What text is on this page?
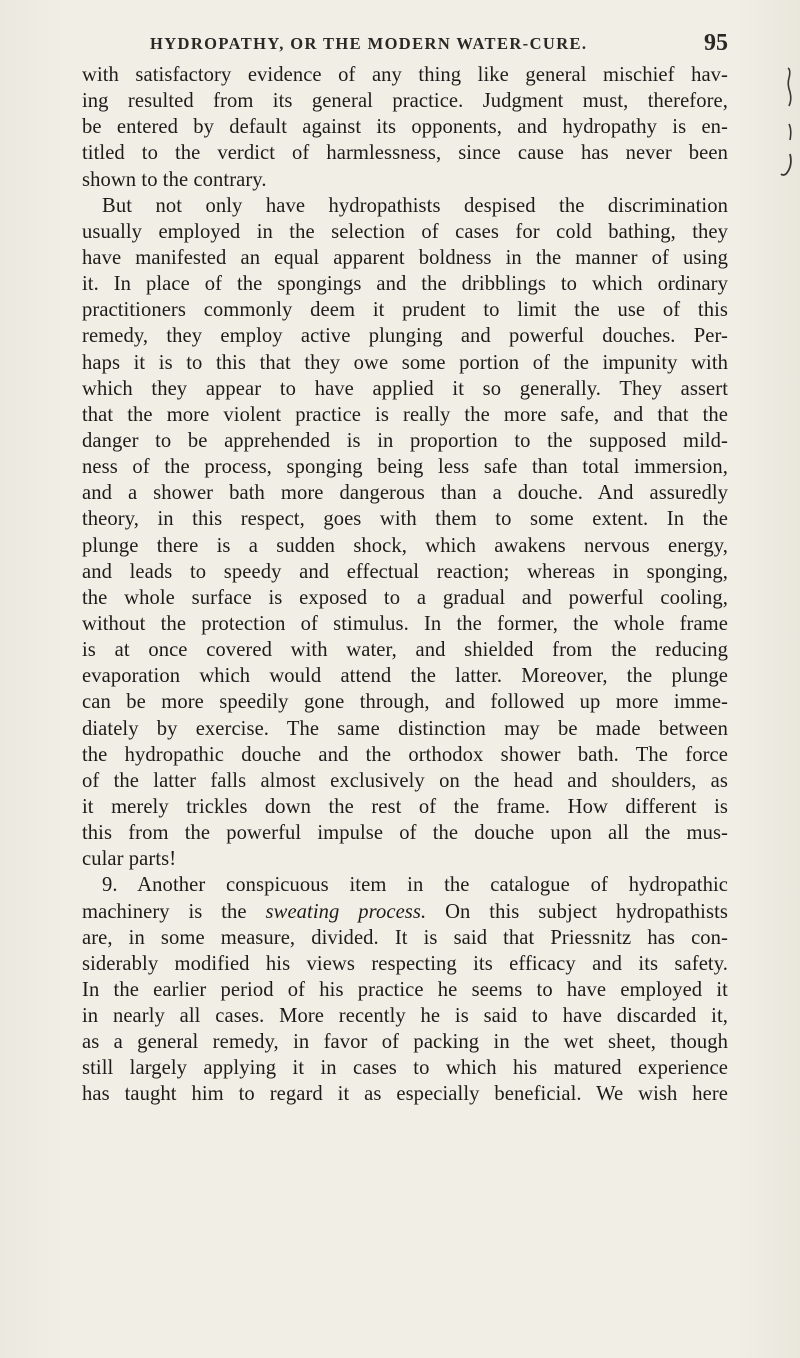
HYDROPATHY, OR THE MODERN WATER-CURE.	95
with satisfactory evidence of any thing like general mischief hav-
ing resulted from its general practice. Judgment must, therefore,
be entered by default against its opponents, and hydropathy is en-
titled to the verdict of harmlessness, since cause has never been
shown to the contrary.
But not only have hydropathists despised the discrimination
usually employed in the selection of cases for cold bathing, they
have manifested an equal apparent boldness in the manner of using
it. In place of the spongings and the dribblings to which ordinary
practitioners commonly deem it prudent to limit the use of this
remedy, they employ active plunging and powerful douches. Per-
haps it is to this that they owe some portion of the impunity with
which they appear to have applied it so generally. They assert
that the more violent practice is really the more safe, and that the
danger to be apprehended is in proportion to the supposed mild-
ness of the process, sponging being less safe than total immersion,
and a shower bath more dangerous than a douche. And assuredly
theory, in this respect, goes with them to some extent. In the
plunge there is a sudden shock, which awakens nervous energy,
and leads to speedy and effectual reaction; whereas in sponging,
the whole surface is exposed to a gradual and powerful cooling,
without the protection of stimulus. In the former, the whole frame
is at once covered with water, and shielded from the reducing
evaporation which would attend the latter. Moreover, the plunge
can be more speedily gone through, and followed up more imme-
diately by exercise. The same distinction may be made between
the hydropathic douche and the orthodox shower bath. The force
of the latter falls almost exclusively on the head and shoulders, as
it merely trickles down the rest of the frame. How different is
this from the powerful impulse of the douche upon all the mus-
cular parts!
9. Another conspicuous item in the catalogue of hydropathic
machinery is the sweating process. On this subject hydropathists
are, in some measure, divided. It is said that Priessnitz has con-
siderably modified his views respecting its efficacy and its safety.
In the earlier period of his practice he seems to have employed it
in nearly all cases. More recently he is said to have discarded it,
as a general remedy, in favor of packing in the wet sheet, though
still largely applying it in cases to which his matured experience
has taught him to regard it as especially beneficial. We wish here
